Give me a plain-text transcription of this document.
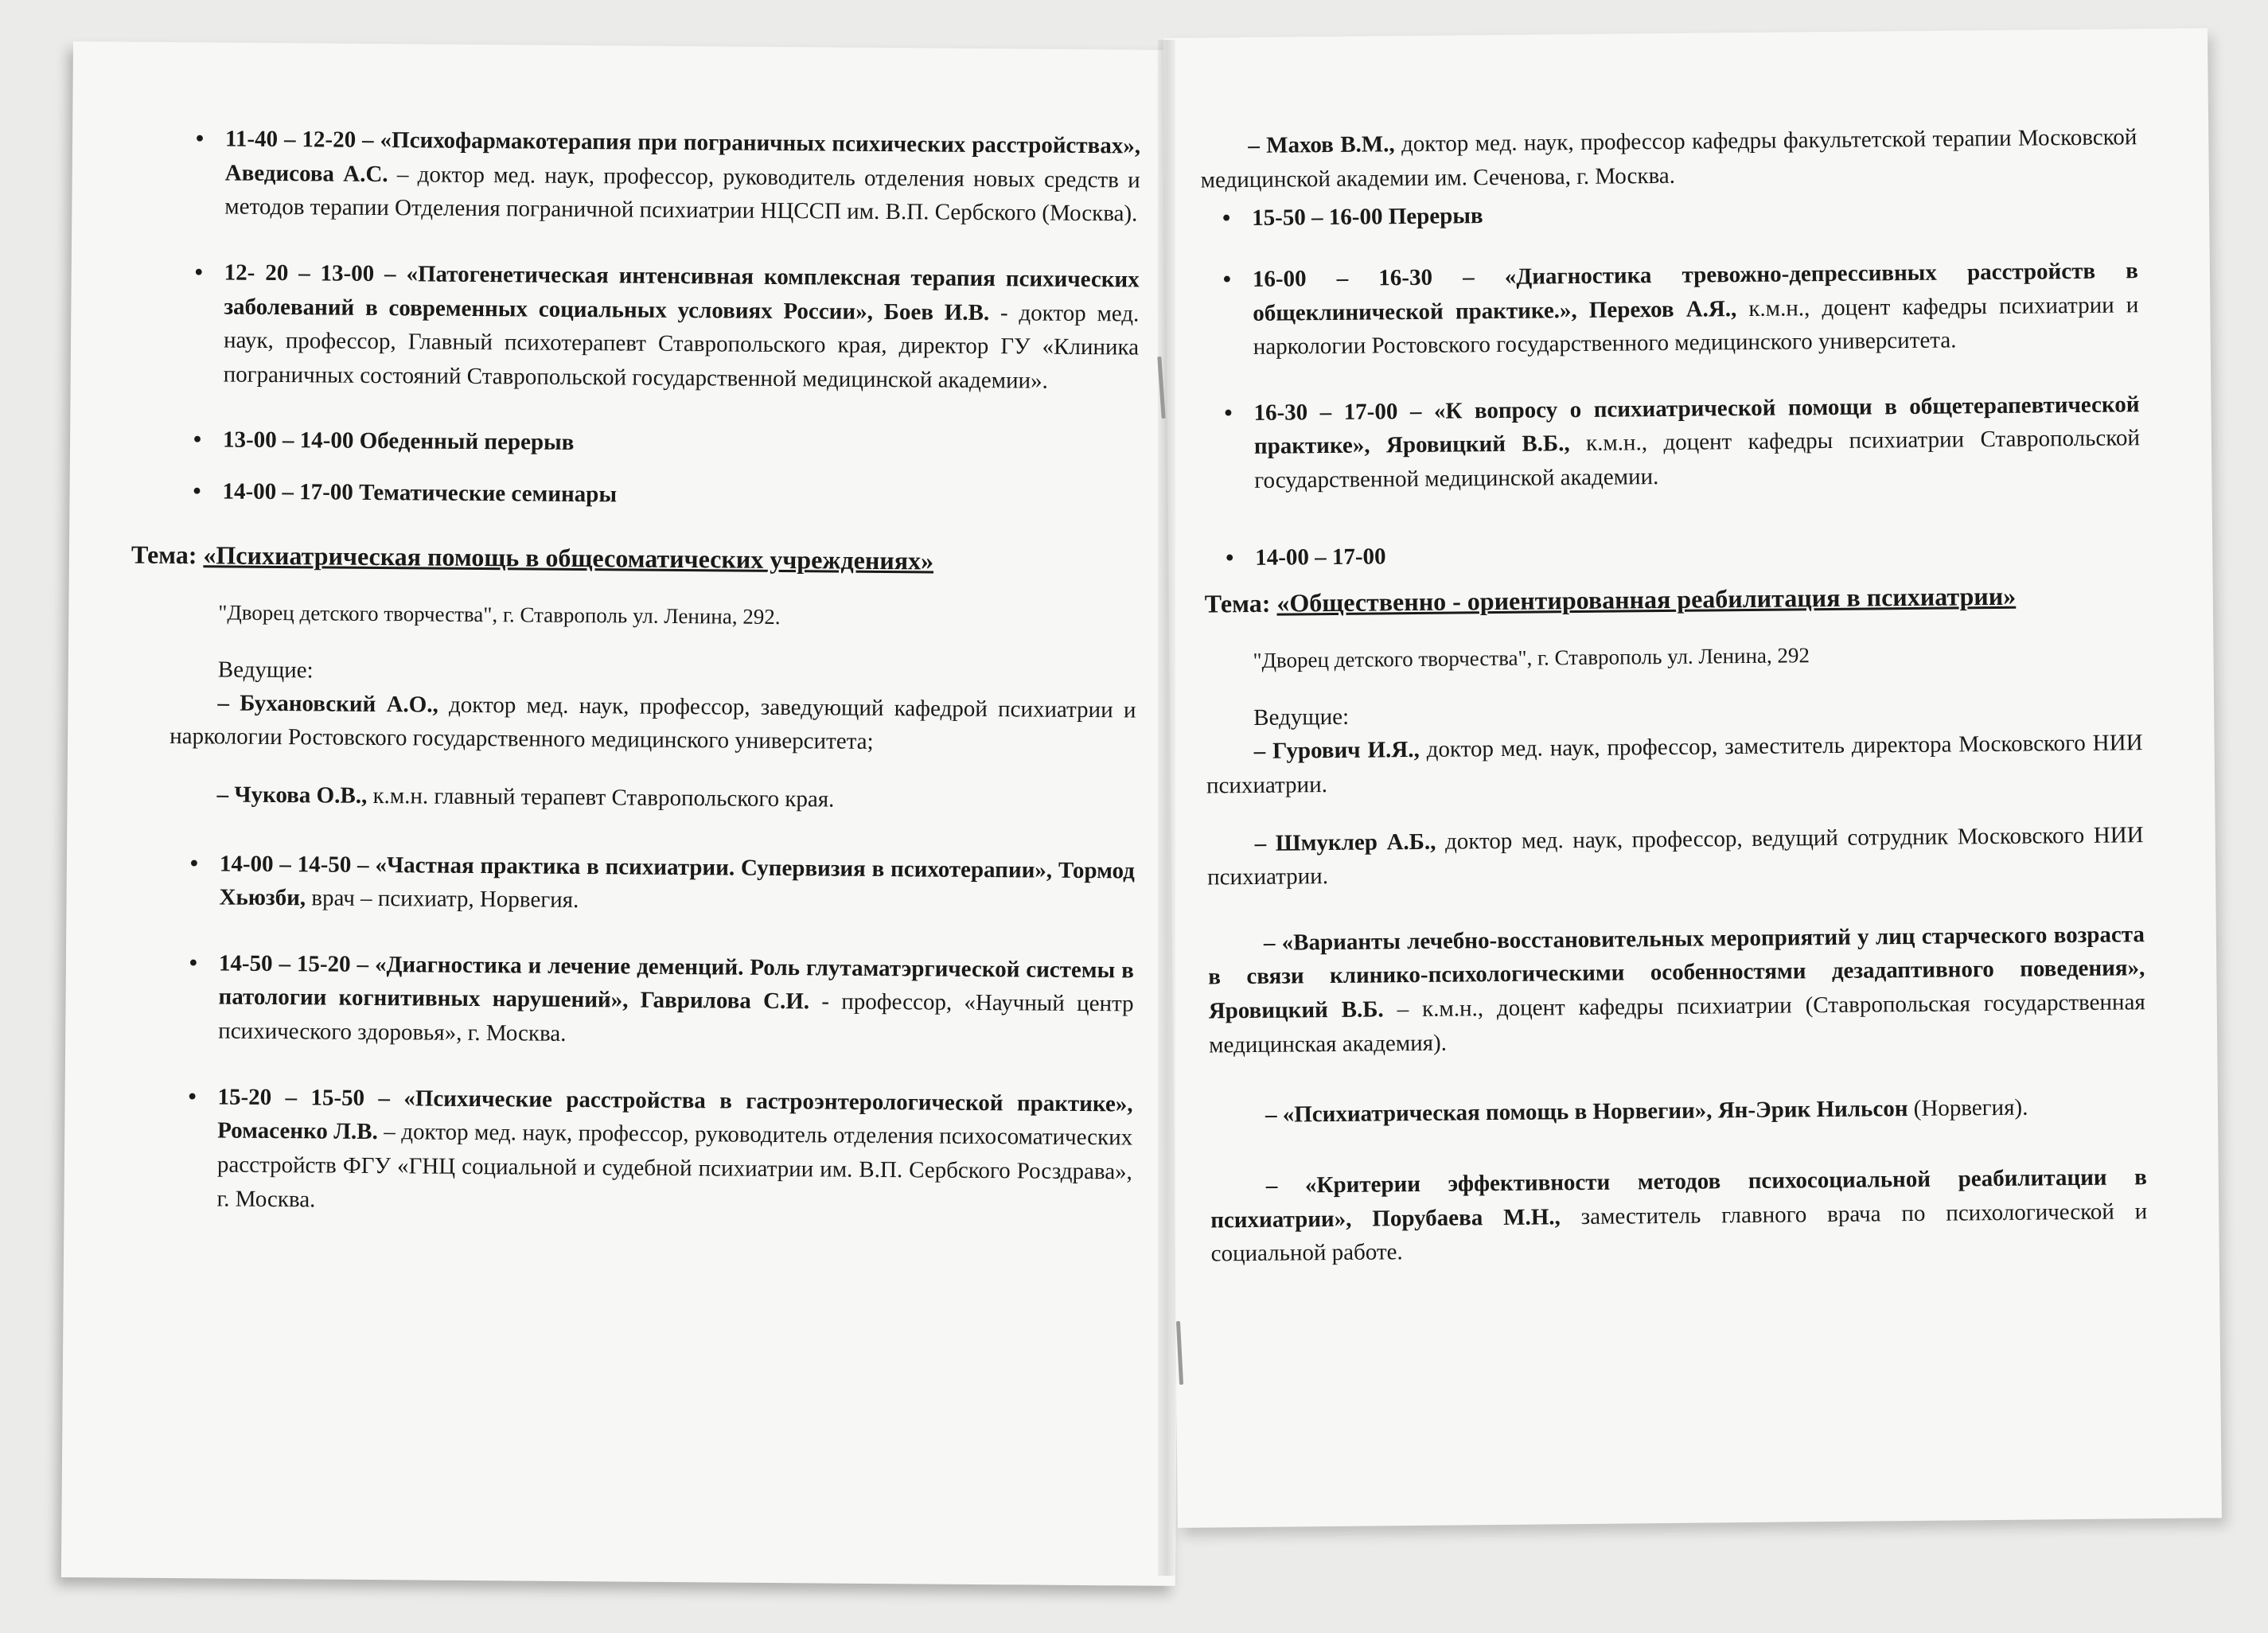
• 11-40 – 12-20 – «Психофармакотерапия при пограничных психических расстройствах», Аведисова А.С. – доктор мед. наук, профессор, руководитель отделения новых средств и методов терапии Отделения пограничной психиатрии НЦССП им. В.П. Сербского (Москва).

• 12- 20 – 13-00 – «Патогенетическая интенсивная комплексная терапия психических заболеваний в современных социальных условиях России», Боев И.В. - доктор мед. наук, профессор, Главный психотерапевт Ставропольского края, директор ГУ «Клиника пограничных состояний Ставропольской государственной медицинской академии».

• 13-00 – 14-00 Обеденный перерыв

• 14-00 – 17-00 Тематические семинары

Тема: «Психиатрическая помощь в общесоматических учреждениях»

"Дворец детского творчества", г. Ставрополь ул. Ленина, 292.

Ведущие:

– Бухановский А.О., доктор мед. наук, профессор, заведующий кафедрой психиатрии и наркологии Ростовского государственного медицинского университета;

– Чукова О.В., к.м.н. главный терапевт Ставропольского края.

• 14-00 – 14-50 – «Частная практика в психиатрии. Супервизия в психотерапии», Тормод Хьюзби, врач – психиатр, Норвегия.

• 14-50 – 15-20 – «Диагностика и лечение деменций. Роль глутаматэргической системы в патологии когнитивных нарушений», Гаврилова С.И. - профессор, «Научный центр психического здоровья», г. Москва.

• 15-20 – 15-50 – «Психические расстройства в гастроэнтерологической практике», Ромасенко Л.В. – доктор мед. наук, профессор, руководитель отделения психосоматических расстройств ФГУ «ГНЦ социальной и судебной психиатрии им. В.П. Сербского Росздрава», г. Москва.

– Махов В.М., доктор мед. наук, профессор кафедры факультетской терапии Московской медицинской академии им. Сеченова, г. Москва.

• 15-50 – 16-00 Перерыв

• 16-00 – 16-30 – «Диагностика тревожно-депрессивных расстройств в общеклинической практике.», Перехов А.Я., к.м.н., доцент кафедры психиатрии и наркологии Ростовского государственного медицинского университета.

• 16-30 – 17-00 – «К вопросу о психиатрической помощи в общетерапевтической практике», Яровицкий В.Б., к.м.н., доцент кафедры психиатрии Ставропольской государственной медицинской академии.

• 14-00 – 17-00

Тема: «Общественно - ориентированная реабилитация в психиатрии»

"Дворец детского творчества", г. Ставрополь ул. Ленина, 292

Ведущие:

– Гурович И.Я., доктор мед. наук, профессор, заместитель директора Московского НИИ психиатрии.

– Шмуклер А.Б., доктор мед. наук, профессор, ведущий сотрудник Московского НИИ психиатрии.

– «Варианты лечебно-восстановительных мероприятий у лиц старческого возраста в связи клинико-психологическими особенностями дезадаптивного поведения», Яровицкий В.Б. – к.м.н., доцент кафедры психиатрии (Ставропольская государственная медицинская академия).

– «Психиатрическая помощь в Норвегии», Ян-Эрик Нильсон (Норвегия).

– «Критерии эффективности методов психосоциальной реабилитации в психиатрии», Порубаева М.Н., заместитель главного врача по психологической и социальной работе.
